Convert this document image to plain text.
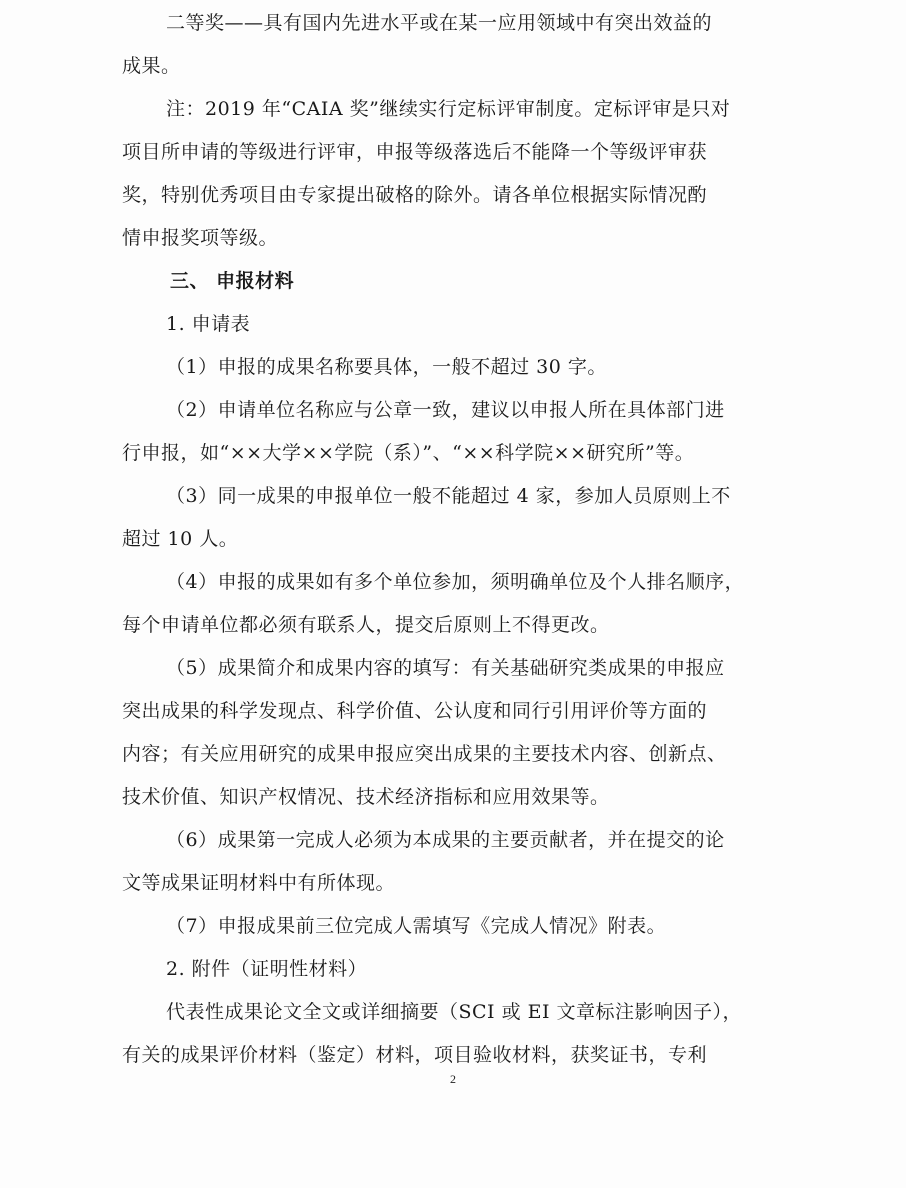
二等奖——具有国内先进水平或在某一应用领域中有突出效益的
成果。
注：2019 年“CAIA 奖”继续实行定标评审制度。定标评审是只对
项目所申请的等级进行评审，申报等级落选后不能降一个等级评审获
奖，特别优秀项目由专家提出破格的除外。请各单位根据实际情况酌
情申报奖项等级。
三、 申报材料
1. 申请表
（1）申报的成果名称要具体，一般不超过 30 字。
（2）申请单位名称应与公章一致，建议以申报人所在具体部门进
行申报，如“××大学××学院（系）”、“××科学院××研究所”等。
（3）同一成果的申报单位一般不能超过 4 家，参加人员原则上不
超过 10 人。
（4）申报的成果如有多个单位参加，须明确单位及个人排名顺序，
每个申请单位都必须有联系人，提交后原则上不得更改。
（5）成果简介和成果内容的填写：有关基础研究类成果的申报应
突出成果的科学发现点、科学价值、公认度和同行引用评价等方面的
内容；有关应用研究的成果申报应突出成果的主要技术内容、创新点、
技术价值、知识产权情况、技术经济指标和应用效果等。
（6）成果第一完成人必须为本成果的主要贡献者，并在提交的论
文等成果证明材料中有所体现。
（7）申报成果前三位完成人需填写《完成人情况》附表。
2. 附件（证明性材料）
代表性成果论文全文或详细摘要（SCI 或 EI 文章标注影响因子），
有关的成果评价材料（鉴定）材料，项目验收材料，获奖证书，专利
2
